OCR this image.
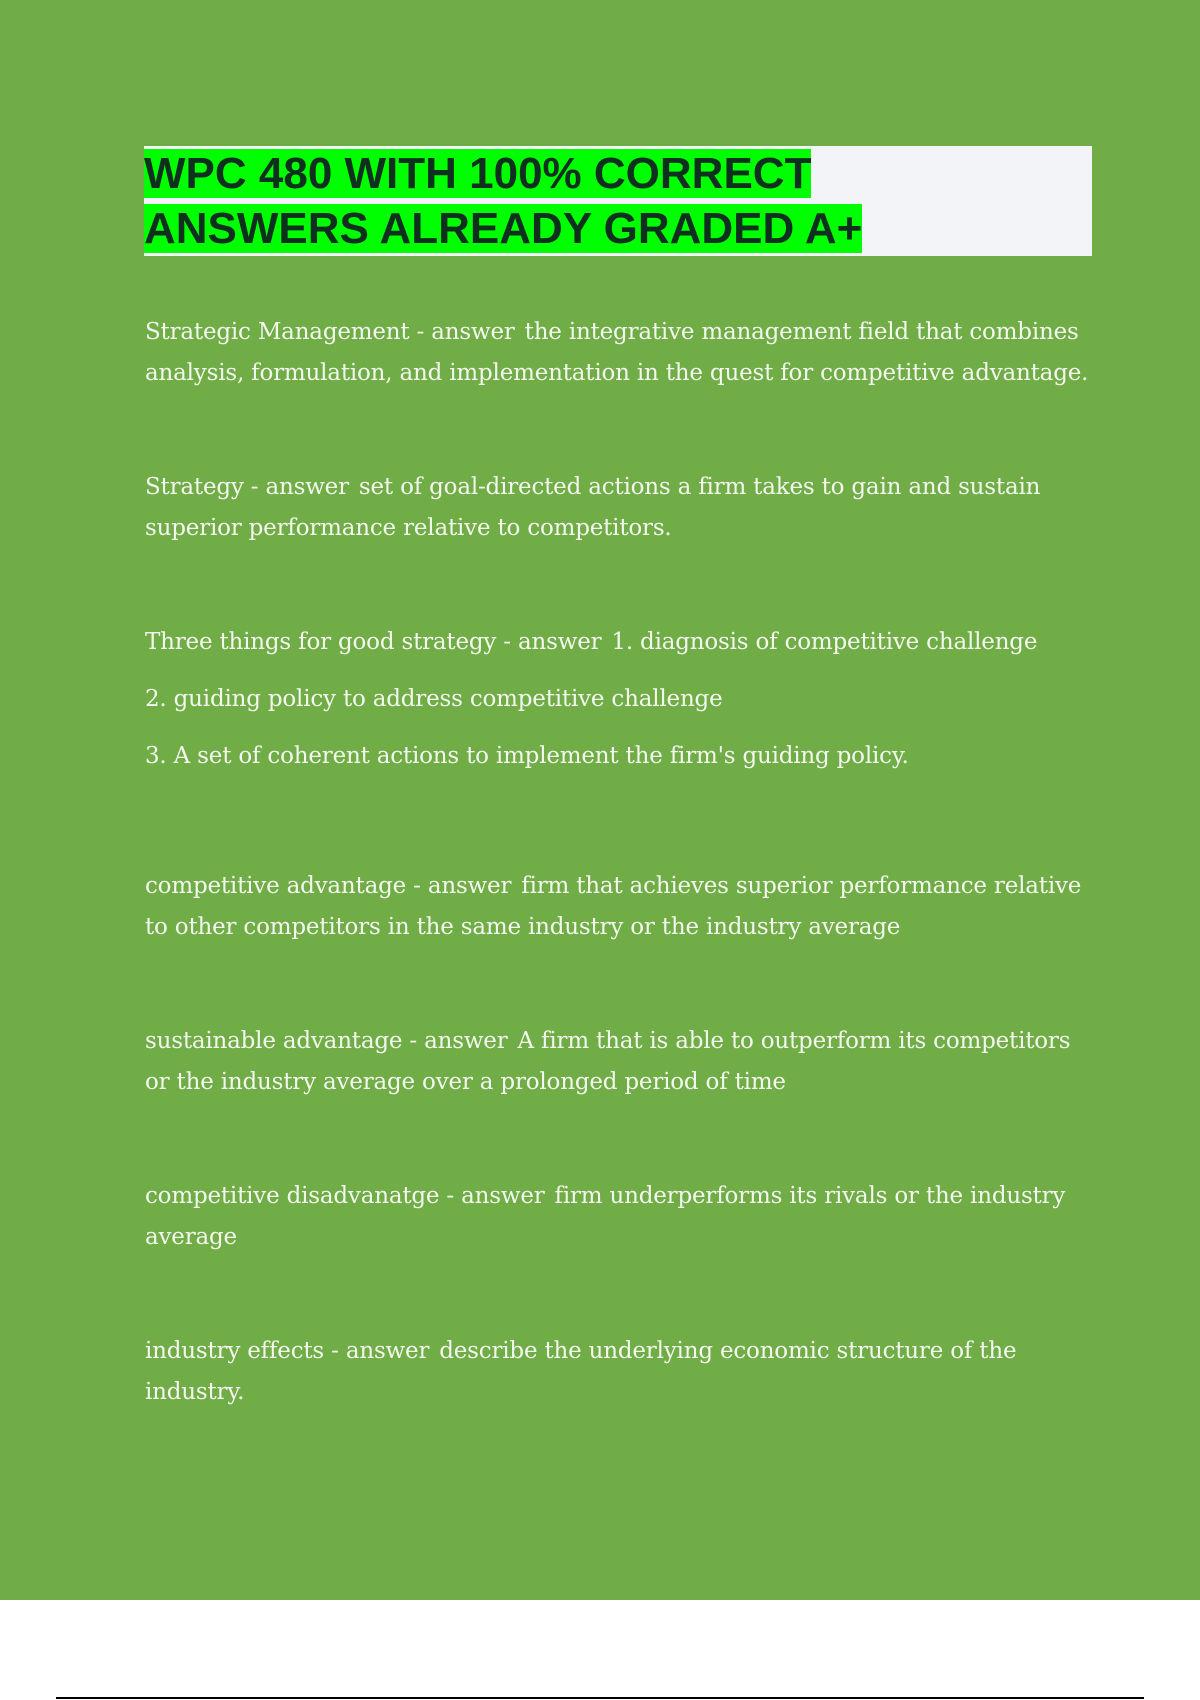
WPC 480 WITH 100% CORRECT
ANSWERS ALREADY GRADED A+

Strategic Management - answer the integrative management field that combines analysis, formulation, and implementation in the quest for competitive advantage.

Strategy - answer set of goal-directed actions a firm takes to gain and sustain superior performance relative to competitors.

Three things for good strategy - answer 1. diagnosis of competitive challenge

2. guiding policy to address competitive challenge

3. A set of coherent actions to implement the firm's guiding policy.

competitive advantage - answer firm that achieves superior performance relative to other competitors in the same industry or the industry average

sustainable advantage - answer A firm that is able to outperform its competitors or the industry average over a prolonged period of time

competitive disadvanatge - answer firm underperforms its rivals or the industry average

industry effects - answer describe the underlying economic structure of the industry.
